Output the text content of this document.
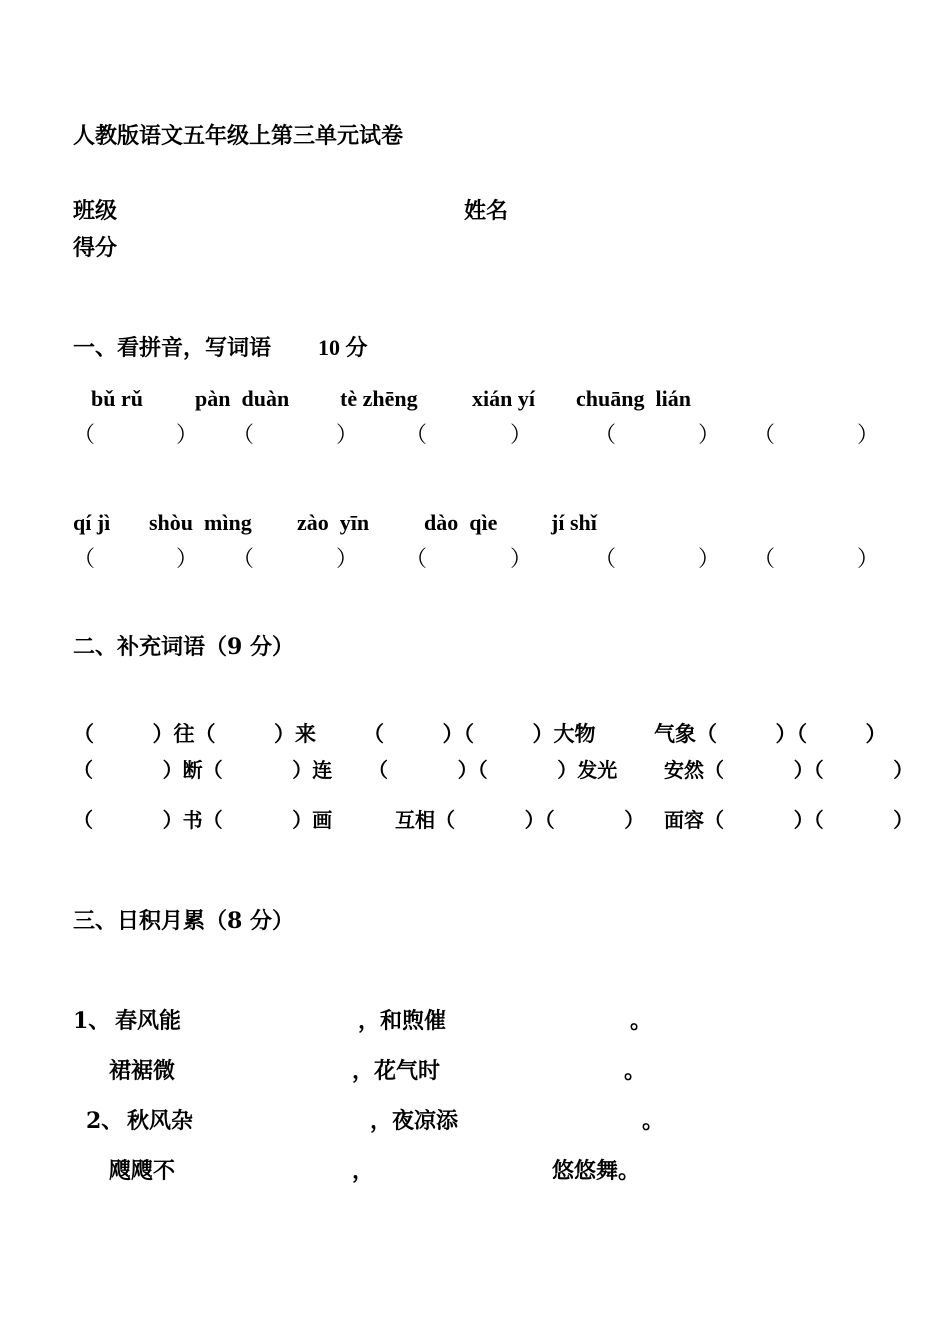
人教版语文五年级上第三单元试卷
班级	姓名
得分
一、看拼音，写词语 10 分
bǔ rǔ pàn  duàn tè zhēng xián yí chuāng  lián
（	） （	） （	）	（	） （	）
qí jì shòu  mìng zào  yīn dào  qìe jí shǐ
（	） （	） （	）	（	） （	）
二、补充词语（9 分）
（        ）往（        ）来 （        ）（        ）大物	气象（        ）（        ）
（          ）断（          ）连 （          ）（          ）发光 安然（          ）（          ）
（          ）书（          ）画	互相（          ）（          ） 面容（          ）（          ）
三、日积月累（8 分）
1、 春风能	，和煦催	。
裙裾微	，花气时	。
2、 秋风杂	，夜凉添	。
飕飕不	，	悠悠舞。
